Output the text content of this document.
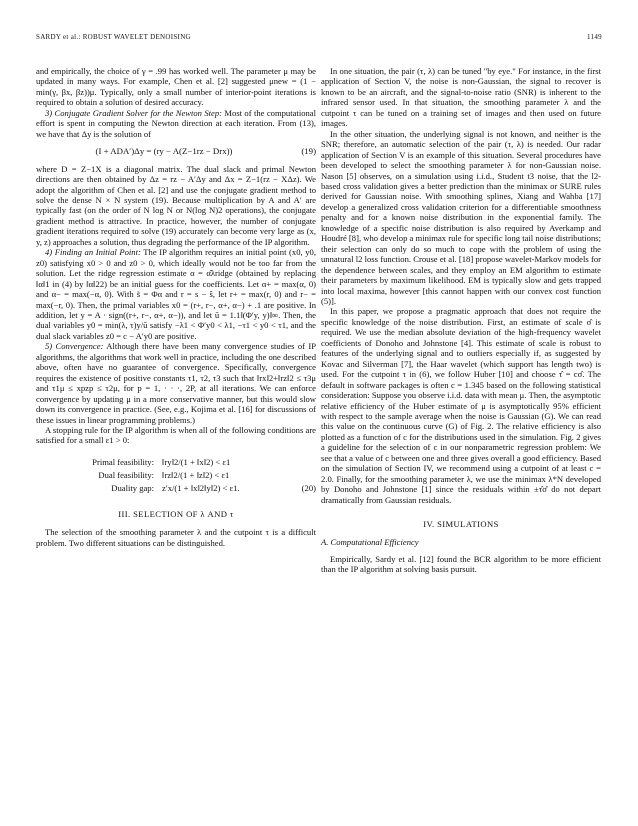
SARDY et al.: ROBUST WAVELET DENOISING	1149

and empirically, the choice of γ = .99 has worked well. The parameter μ may be updated in many ways. For example, Chen et al. [2] suggested μnew = (1 − min(γ, βx, βz))μ. Typically, only a small number of interior-point iterations is required to obtain a solution of desired accuracy.

3) Conjugate Gradient Solver for the Newton Step: Most of the computational effort is spent in computing the Newton direction at each iteration. From (13), we have that Δy is the solution of

(I + ADA′)Δy = (ry − A(Z−1rz − Drx))	(19)

where D = Z−1X is a diagonal matrix. The dual slack and primal Newton directions are then obtained by Δz = rz − A′Δy and Δx = Z−1(rz − XΔz). We adopt the algorithm of Chen et al. [2] and use the conjugate gradient method to solve the dense N × N system (19). Because multiplication by A and A′ are typically fast (on the order of N log N or N(log N)2 operations), the conjugate gradient method is attractive. In practice, however, the number of conjugate gradient iterations required to solve (19) accurately can become very large as (x, y, z) approaches a solution, thus degrading the performance of the IP algorithm.

4) Finding an Initial Point: The IP algorithm requires an initial point (x0, y0, z0) satisfying x0 > 0 and z0 > 0, which ideally would not be too far from the solution. Let the ridge regression estimate α = α̂λridge (obtained by replacing ‖α‖1 in (4) by ‖α‖22) be an initial guess for the coefficients. Let α+ = max(α, 0) and α− = max(−α, 0). With s̃ = Φα and r = s − ŝ, let r+ = max(r, 0) and r− = max(−r, 0). Then, the primal variables x0 = (r+, r−, α+, α−) + .1 are positive. In addition, let y = A · sign((r+, r−, α+, α−)), and let ū = 1.1‖(Φ′y, y)‖∞. Then, the dual variables y0 = min(λ, τ)y/ū satisfy −λ1 < Φ′y0 < λ1, −τ1 < y0 < τ1, and the dual slack variables z0 = c − A′y0 are positive.

5) Convergence: Although there have been many convergence studies of IP algorithms, the algorithms that work well in practice, including the one described above, often have no guarantee of convergence. Specifically, convergence requires the existence of positive constants τ1, τ2, τ3 such that ‖rx‖2+‖rz‖2 ≤ τ3μ and τ1μ ≤ xpzp ≤ τ2μ, for p = 1, · · ·, 2P, at all iterations. We can enforce convergence by updating μ in a more conservative manner, but this would slow down its convergence in practice. (See, e.g., Kojima et al. [16] for discussions of these issues in linear programming problems.)

A stopping rule for the IP algorithm is when all of the following conditions are satisfied for a small ε1 > 0:

Primal feasibility: ‖ry‖2/(1 + ‖x‖2) < ε1
Dual feasibility: ‖rz‖2/(1 + ‖z‖2) < ε1
Duality gap: z′x/(1 + ‖x‖2‖y‖2) < ε1.	(20)
III. SELECTION OF λ AND τ

The selection of the smoothing parameter λ and the cutpoint τ is a difficult problem. Two different situations can be distinguished.

In one situation, the pair (τ, λ) can be tuned "by eye." For instance, in the first application of Section V, the noise is non-Gaussian, the signal to recover is known to be an aircraft, and the signal-to-noise ratio (SNR) is inherent to the infrared sensor used. In that situation, the smoothing parameter λ and the cutpoint τ can be tuned on a training set of images and then used on future images.

In the other situation, the underlying signal is not known, and neither is the SNR; therefore, an automatic selection of the pair (τ, λ) is needed. Our radar application of Section V is an example of this situation. Several procedures have been developed to select the smoothing parameter λ for non-Gaussian noise. Nason [5] observes, on a simulation using i.i.d., Student t3 noise, that the l2-based cross validation gives a better prediction than the minimax or SURE rules derived for Gaussian noise. With smoothing splines, Xiang and Wahba [17] develop a generalized cross validation criterion for a differentiable smoothness penalty and for a known noise distribution in the exponential family. The knowledge of a specific noise distribution is also required by Averkamp and Houdré [8], who develop a minimax rule for specific long tail noise distributions; their selection can only do so much to cope with the problem of using the unnatural l2 loss function. Crouse et al. [18] propose wavelet-Markov models for the dependence between scales, and they employ an EM algorithm to estimate their parameters by maximum likelihood. EM is typically slow and gets trapped into local maxima, however [this cannot happen with our convex cost function (5)].

In this paper, we propose a pragmatic approach that does not require the specific knowledge of the noise distribution. First, an estimate of scale σ̂ is required. We use the median absolute deviation of the high-frequency wavelet coefficients of Donoho and Johnstone [4]. This estimate of scale is robust to features of the underlying signal and to outliers especially if, as suggested by Kovac and Silverman [7], the Haar wavelet (which support has length two) is used. For the cutpoint τ in (6), we follow Huber [10] and choose τ̂ = cσ̂. The default in software packages is often c = 1.345 based on the following statistical consideration: Suppose you observe i.i.d. data with mean μ. Then, the asymptotic relative efficiency of the Huber estimate of μ is asymptotically 95% efficient with respect to the sample average when the noise is Gaussian (G). We can read this value on the continuous curve (G) of Fig. 2. The relative efficiency is also plotted as a function of c for the distributions used in the simulation. Fig. 2 gives a guideline for the selection of c in our nonparametric regression problem: We see that a value of c between one and three gives overall a good efficiency. Based on the simulation of Section IV, we recommend using a cutpoint of at least c = 2.0. Finally, for the smoothing parameter λ, we use the minimax λ*N developed by Donoho and Johnstone [1] since the residuals within ±τ̂σ̂ do not depart dramatically from Gaussian residuals.

IV. SIMULATIONS
A. Computational Efficiency

Empirically, Sardy et al. [12] found the BCR algorithm to be more efficient than the IP algorithm at solving basis pursuit.
